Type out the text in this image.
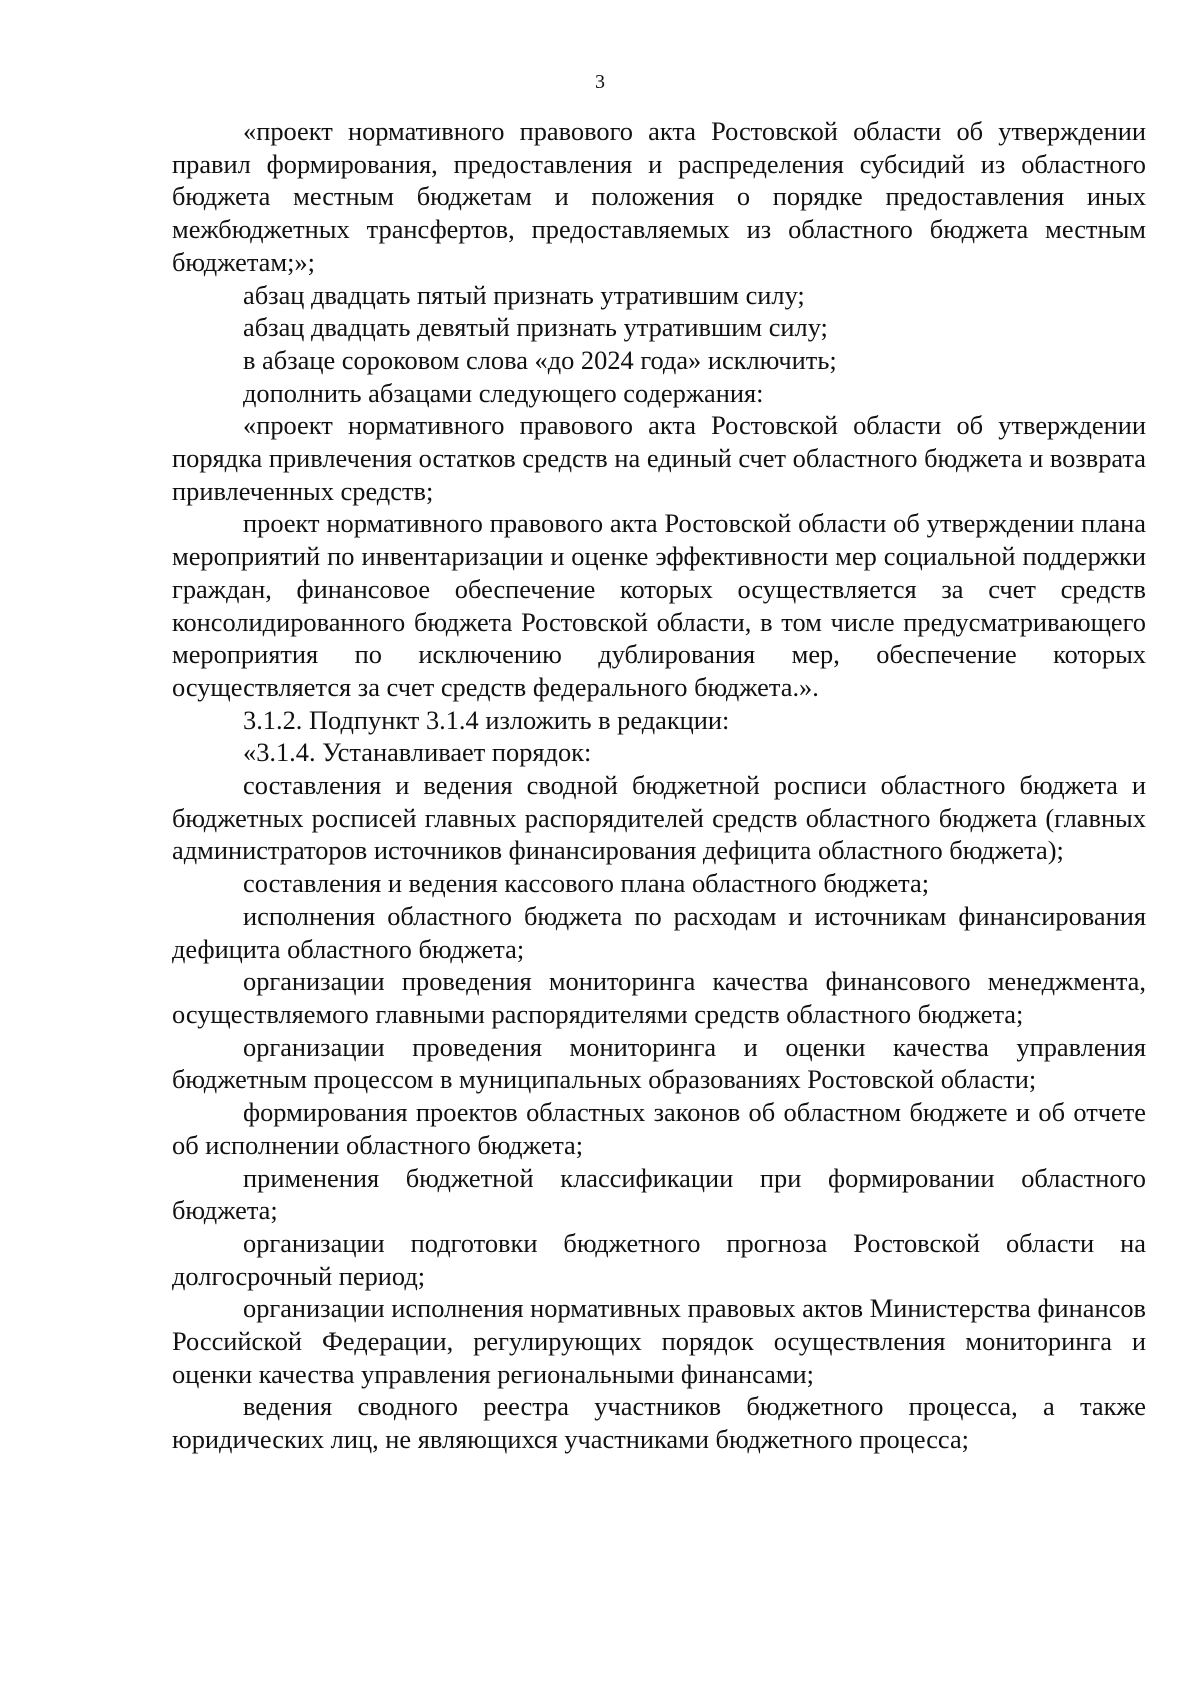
3

«проект нормативного правового акта Ростовской области об утверждении правил формирования, предоставления и распределения субсидий из областного бюджета местным бюджетам и положения о порядке предоставления иных межбюджетных трансфертов, предоставляемых из областного бюджета местным бюджетам;»;

абзац двадцать пятый признать утратившим силу;

абзац двадцать девятый признать утратившим силу;

в абзаце сороковом слова «до 2024 года» исключить;

дополнить абзацами следующего содержания:

«проект нормативного правового акта Ростовской области об утверждении порядка привлечения остатков средств на единый счет областного бюджета и возврата привлеченных средств;

проект нормативного правового акта Ростовской области об утверждении плана мероприятий по инвентаризации и оценке эффективности мер социальной поддержки граждан, финансовое обеспечение которых осуществляется за счет средств консолидированного бюджета Ростовской области, в том числе предусматривающего мероприятия по исключению дублирования мер, обеспечение которых осуществляется за счет средств федерального бюджета.».

3.1.2. Подпункт 3.1.4 изложить в редакции:

«3.1.4. Устанавливает порядок:

составления и ведения сводной бюджетной росписи областного бюджета и бюджетных росписей главных распорядителей средств областного бюджета (главных администраторов источников финансирования дефицита областного бюджета);

составления и ведения кассового плана областного бюджета;

исполнения областного бюджета по расходам и источникам финансирования дефицита областного бюджета;

организации проведения мониторинга качества финансового менеджмента, осуществляемого главными распорядителями средств областного бюджета;

организации проведения мониторинга и оценки качества управления бюджетным процессом в муниципальных образованиях Ростовской области;

формирования проектов областных законов об областном бюджете и об отчете об исполнении областного бюджета;

применения бюджетной классификации при формировании областного бюджета;

организации подготовки бюджетного прогноза Ростовской области на долгосрочный период;

организации исполнения нормативных правовых актов Министерства финансов Российской Федерации, регулирующих порядок осуществления мониторинга и оценки качества управления региональными финансами;

ведения сводного реестра участников бюджетного процесса, а также юридических лиц, не являющихся участниками бюджетного процесса;
